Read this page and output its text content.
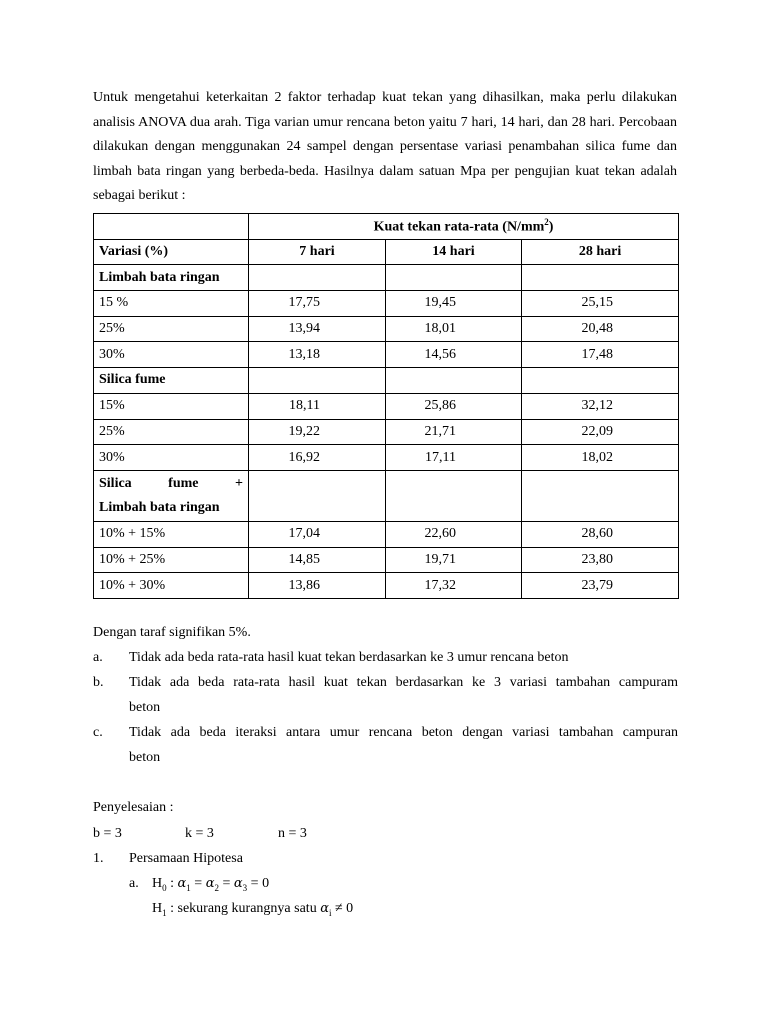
Untuk mengetahui keterkaitan 2 faktor terhadap kuat tekan yang dihasilkan, maka perlu dilakukan analisis ANOVA dua arah. Tiga varian umur rencana beton yaitu 7 hari, 14 hari, dan 28 hari. Percobaan dilakukan dengan menggunakan 24 sampel dengan persentase variasi penambahan silica fume dan limbah bata ringan yang berbeda-beda. Hasilnya dalam satuan Mpa per pengujian kuat tekan adalah sebagai berikut :

	Kuat tekan rata-rata $(N/mm^2)$		
Variasi (%)	7 hari	14 hari	28 hari
Limbah bata ringan			
15 %	17,75	19,45	25,15
25%	13,94	18,01	20,48
30%	13,18	14,56	17,48
Silica fume			
15%	18,11	25,86	32,12
25%	19,22	21,71	22,09
30%	16,92	17,11	18,02

Silica fume +
Limbah bata ringan			

10% + 15%	17,04	22,60	28,60
10% + 25%	14,85	19,71	23,80
10% + 30%	13,86	17,32	23,79
Dengan taraf signifikan 5%.
a. Tidak ada beda rata-rata hasil kuat tekan berdasarkan ke 3 umur rencana beton
b. Tidak ada beda rata-rata hasil kuat tekan berdasarkan ke 3 variasi tambahan campuram
beton
c. Tidak ada beda iteraksi antara umur rencana beton dengan variasi tambahan campuran
beton
Penyelesaian :
b = 3	k = 3	n = 3
1. Persamaan Hipotesa
a. $H_0$ : $\alpha_1 = \alpha_2 = \alpha_3 = 0$
$H_1$ : sekurang kurangnya satu $\alpha_i \ne 0$
